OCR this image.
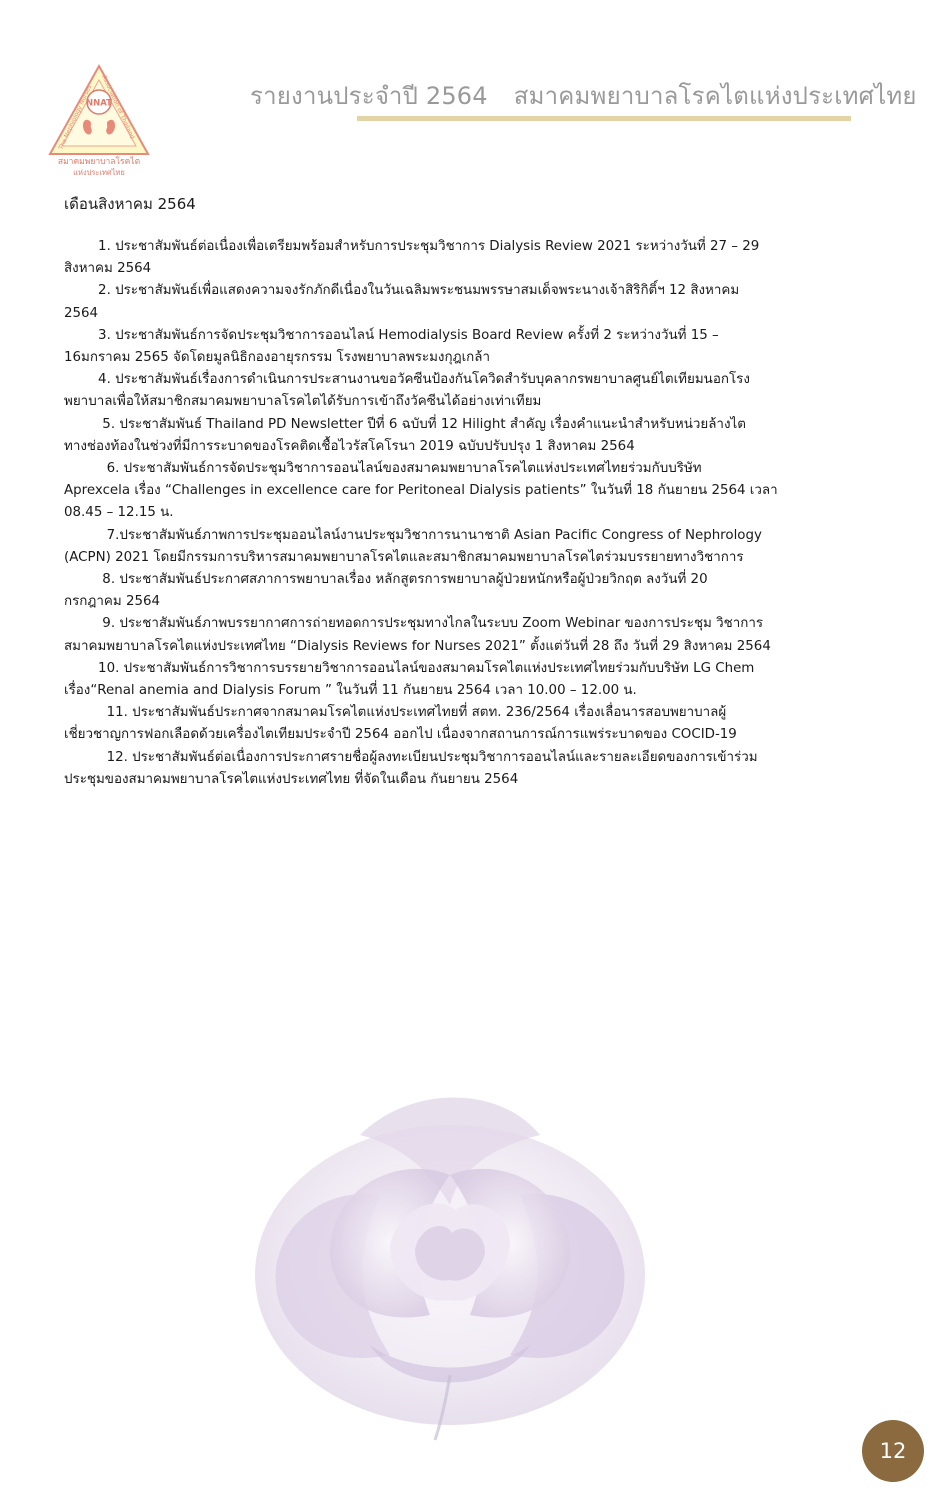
NNAT
The Nephrology Nurses
Association of Thailand
สมาคมพยาบาลโรคไต
แห่งประเทศไทย
รายงานประจำปี 2564 สมาคมพยาบาลโรคไตแห่งประเทศไทย
เดือนสิงหาคม 2564
1. ประชาสัมพันธ์ต่อเนื่องเพื่อเตรียมพร้อมสำหรับการประชุมวิชาการ Dialysis Review 2021 ระหว่างวันที่ 27 – 29
สิงหาคม 2564
2. ประชาสัมพันธ์เพื่อแสดงความจงรักภักดีเนื่องในวันเฉลิมพระชนมพรรษาสมเด็จพระนางเจ้าสิริกิติ์ฯ 12 สิงหาคม
2564
3. ประชาสัมพันธ์การจัดประชุมวิชาการออนไลน์ Hemodialysis Board Review ครั้งที่ 2 ระหว่างวันที่ 15 –
16มกราคม 2565 จัดโดยมูลนิธิกองอายุรกรรม โรงพยาบาลพระมงกุฎเกล้า
4. ประชาสัมพันธ์เรื่องการดำเนินการประสานงานขอวัคซีนป้องกันโควิดสำรับบุคลากรพยาบาลศูนย์ไตเทียมนอกโรง
พยาบาลเพื่อให้สมาชิกสมาคมพยาบาลโรคไตได้รับการเข้าถึงวัคซีนได้อย่างเท่าเทียม
5. ประชาสัมพันธ์ Thailand PD Newsletter ปีที่ 6 ฉบับที่ 12 Hilight สำคัญ เรื่องคำแนะนำสำหรับหน่วยล้างไต
ทางช่องท้องในช่วงที่มีการระบาดของโรคติดเชื้อไวรัสโคโรนา 2019 ฉบับปรับปรุง 1 สิงหาคม 2564
6. ประชาสัมพันธ์การจัดประชุมวิชาการออนไลน์ของสมาคมพยาบาลโรคไตแห่งประเทศไทยร่วมกับบริษัท
Aprexcela เรื่อง “Challenges in excellence care for Peritoneal Dialysis patients” ในวันที่ 18 กันยายน 2564 เวลา
08.45 – 12.15 น.
7.ประชาสัมพันธ์ภาพการประชุมออนไลน์งานประชุมวิชาการนานาชาติ Asian Pacific Congress of Nephrology
(ACPN) 2021 โดยมีกรรมการบริหารสมาคมพยาบาลโรคไตและสมาชิกสมาคมพยาบาลโรคไตร่วมบรรยายทางวิชาการ
8. ประชาสัมพันธ์ประกาศสภาการพยาบาลเรื่อง หลักสูตรการพยาบาลผู้ป่วยหนักหรือผู้ป่วยวิกฤต ลงวันที่ 20
กรกฎาคม 2564
9. ประชาสัมพันธ์ภาพบรรยากาศการถ่ายทอดการประชุมทางไกลในระบบ Zoom Webinar ของการประชุม วิชาการ
สมาคมพยาบาลโรคไตแห่งประเทศไทย “Dialysis Reviews for Nurses 2021” ตั้งแต่วันที่ 28 ถึง วันที่ 29 สิงหาคม 2564
10. ประชาสัมพันธ์การวิชาการบรรยายวิชาการออนไลน์ของสมาคมโรคไตแห่งประเทศไทยร่วมกับบริษัท LG Chem
เรื่อง“Renal anemia and Dialysis Forum ” ในวันที่ 11 กันยายน 2564 เวลา 10.00 – 12.00 น.
11. ประชาสัมพันธ์ประกาศจากสมาคมโรคไตแห่งประเทศไทยที่ สตท. 236/2564 เรื่องเลื่อนารสอบพยาบาลผู้
เชี่ยวชาญการฟอกเลือดด้วยเครื่องไตเทียมประจำปี 2564 ออกไป เนื่องจากสถานการณ์การแพร่ระบาดของ COCID-19
12. ประชาสัมพันธ์ต่อเนื่องการประกาศรายชื่อผู้ลงทะเบียนประชุมวิชาการออนไลน์และรายละเอียดของการเข้าร่วม
ประชุมของสมาคมพยาบาลโรคไตแห่งประเทศไทย ที่จัดในเดือน กันยายน 2564
12
